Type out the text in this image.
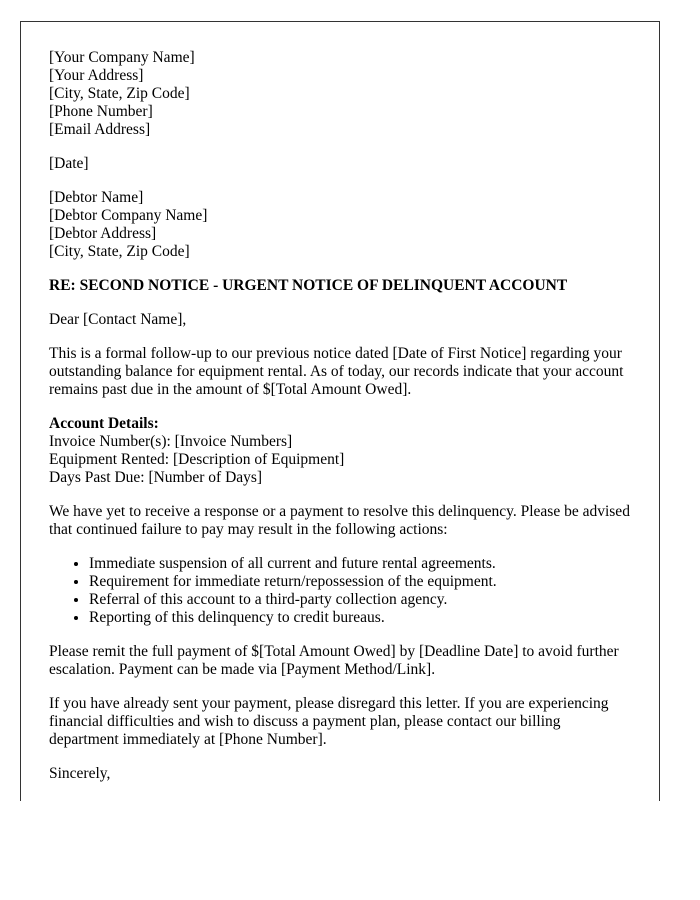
[Your Company Name]
[Your Address]
[City, State, Zip Code]
[Phone Number]
[Email Address]
[Date]
[Debtor Name]
[Debtor Company Name]
[Debtor Address]
[City, State, Zip Code]
RE: SECOND NOTICE - URGENT NOTICE OF DELINQUENT ACCOUNT

Dear [Contact Name],

This is a formal follow-up to our previous notice dated [Date of First Notice] regarding your outstanding balance for equipment rental. As of today, our records indicate that your account remains past due in the amount of $[Total Amount Owed].

Account Details:
Invoice Number(s): [Invoice Numbers]
Equipment Rented: [Description of Equipment]
Days Past Due: [Number of Days]

We have yet to receive a response or a payment to resolve this delinquency. Please be advised that continued failure to pay may result in the following actions:

• Immediate suspension of all current and future rental agreements.
• Requirement for immediate return/repossession of the equipment.
• Referral of this account to a third-party collection agency.
• Reporting of this delinquency to credit bureaus.

Please remit the full payment of $[Total Amount Owed] by [Deadline Date] to avoid further escalation. Payment can be made via [Payment Method/Link].

If you have already sent your payment, please disregard this letter. If you are experiencing financial difficulties and wish to discuss a payment plan, please contact our billing department immediately at [Phone Number].

Sincerely,
